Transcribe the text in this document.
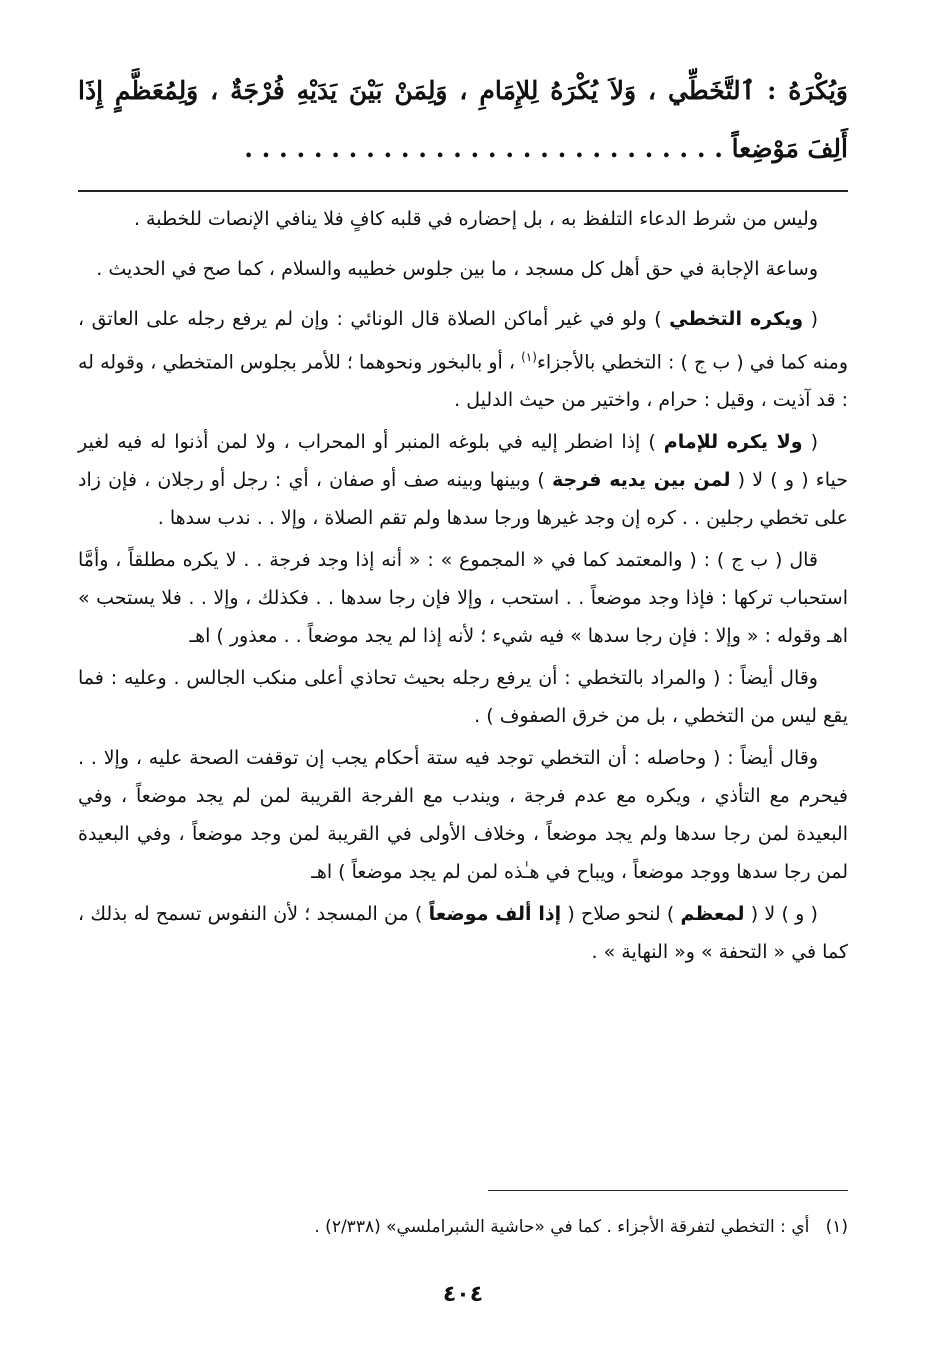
وَيُكْرَهُ : ٱلتَّخَطِّي ، وَلاَ يُكْرَهُ لِلإِمَامِ ، وَلِمَنْ بَيْنَ يَدَيْهِ فُرْجَةٌ ، وَلِمُعَظَّمٍ إِذَا أَلِفَ مَوْضِعاً . . . . . . . . . . . . . . . . . . . . . . . . . . . .

وليس من شرط الدعاء التلفظ به ، بل إحضاره في قلبه كافٍ فلا ينافي الإنصات للخطبة .

وساعة الإجابة في حق أهل كل مسجد ، ما بين جلوس خطيبه والسلام ، كما صح في الحديث .

( ويكره التخطي ) ولو في غير أماكن الصلاة قال الونائي : وإن لم يرفع رجله على العاتق ، ومنه كما في ( ب ج ) : التخطي بالأجزاء$^{(١)}$ ، أو بالبخور ونحوهما ؛ للأمر بجلوس المتخطي ، وقوله له : قد آذيت ، وقيل : حرام ، واختير من حيث الدليل .

( ولا يكره للإمام ) إذا اضطر إليه في بلوغه المنبر أو المحراب ، ولا لمن أذنوا له فيه لغير حياء ( و ) لا ( لمن بين يديه فرجة ) وبينها وبينه صف أو صفان ، أي : رجل أو رجلان ، فإن زاد على تخطي رجلين . . كره إن وجد غيرها ورجا سدها ولم تقم الصلاة ، وإلا . . ندب سدها .

قال ( ب ج ) : ( والمعتمد كما في « المجموع » : « أنه إذا وجد فرجة . . لا يكره مطلقاً ، وأمَّا استحباب تركها : فإذا وجد موضعاً . . استحب ، وإلا فإن رجا سدها . . فكذلك ، وإلا . . فلا يستحب » اهـ وقوله : « وإلا : فإن رجا سدها » فيه شيء ؛ لأنه إذا لم يجد موضعاً . . معذور ) اهـ

وقال أيضاً : ( والمراد بالتخطي : أن يرفع رجله بحيث تحاذي أعلى منكب الجالس . وعليه : فما يقع ليس من التخطي ، بل من خرق الصفوف ) .

وقال أيضاً : ( وحاصله : أن التخطي توجد فيه ستة أحكام يجب إن توقفت الصحة عليه ، وإلا . . فيحرم مع التأذي ، ويكره مع عدم فرجة ، ويندب مع الفرجة القريبة لمن لم يجد موضعاً ، وفي البعيدة لمن رجا سدها ولم يجد موضعاً ، وخلاف الأولى في القريبة لمن وجد موضعاً ، وفي البعيدة لمن رجا سدها ووجد موضعاً ، ويباح في هـٰذه لمن لم يجد موضعاً ) اهـ

( و ) لا ( لمعظم ) لنحو صلاح ( إذا ألف موضعاً ) من المسجد ؛ لأن النفوس تسمح له بذلك ، كما في « التحفة » و« النهاية » .

(١)   أي : التخطي لتفرقة الأجزاء . كما في «حاشية الشبراملسي» (٢/٣٣٨) .

٤٠٤
